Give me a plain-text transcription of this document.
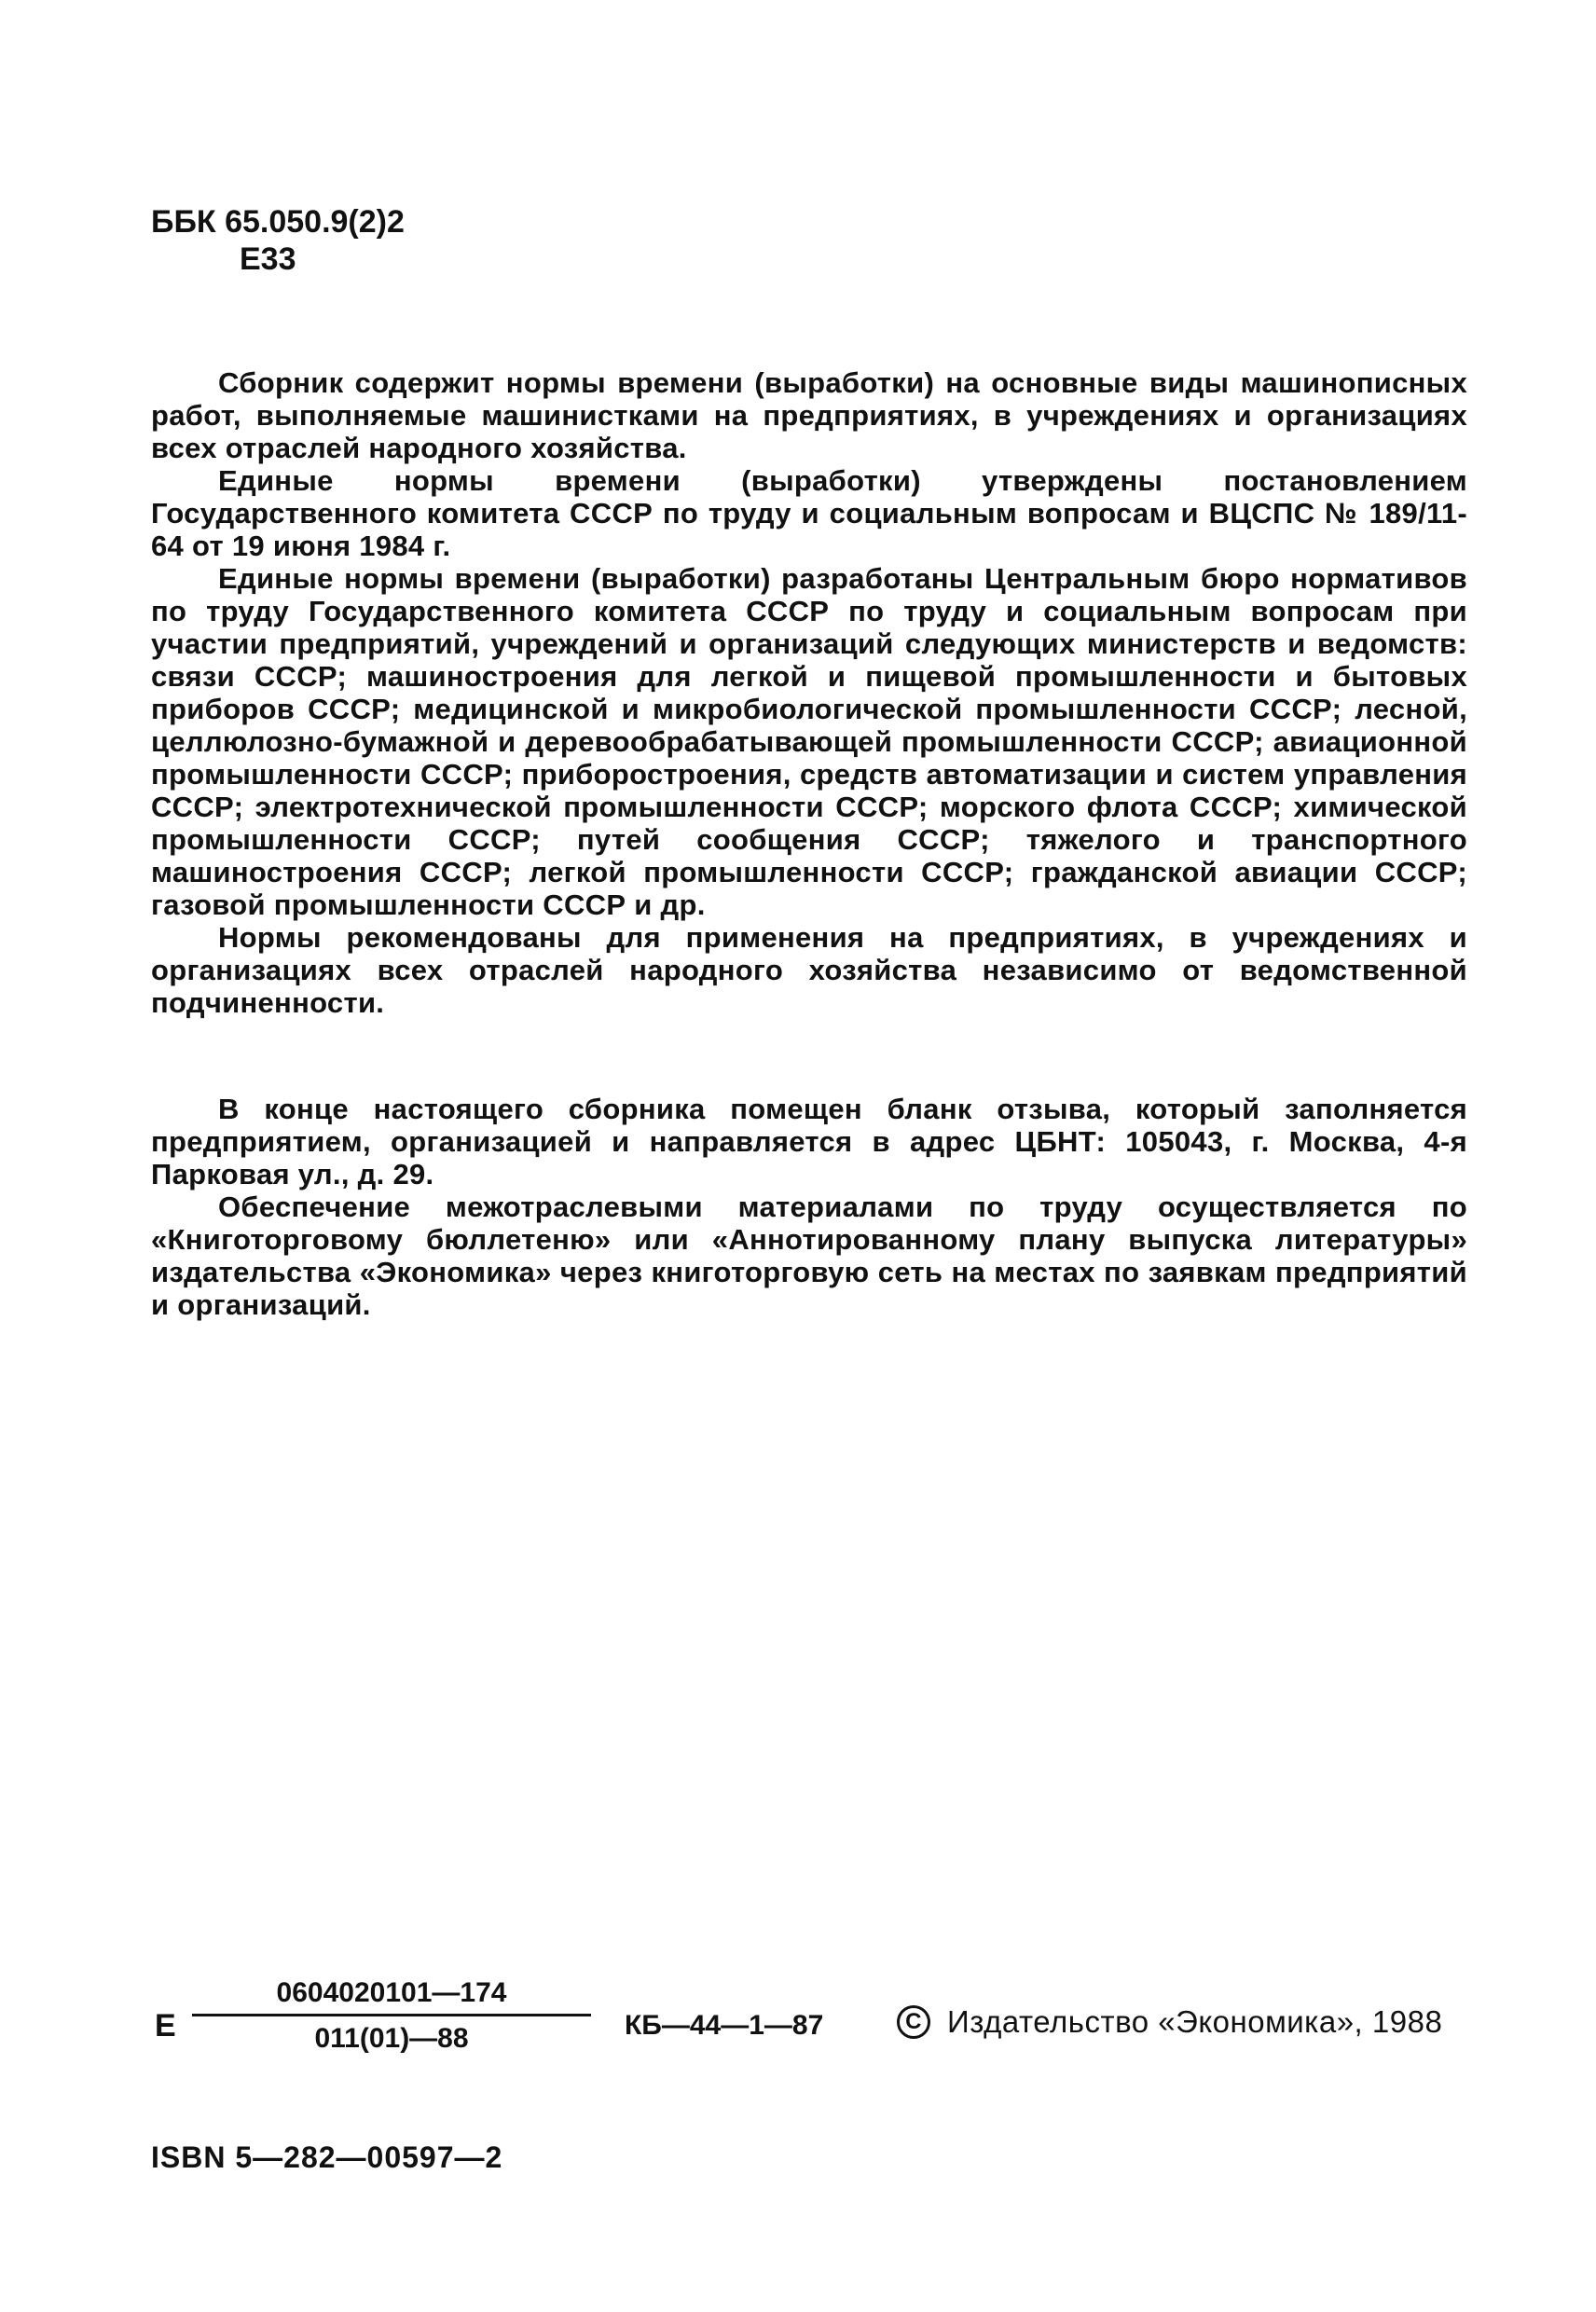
ББК 65.050.9(2)2
Е33

Сборник содержит нормы времени (выработки) на основные виды машинописных работ, выполняемые машинистками на предприятиях, в учреждениях и организациях всех отраслей народного хозяйства.

Единые нормы времени (выработки) утверждены постановлением Государственного комитета СССР по труду и социальным вопросам и ВЦСПС № 189/11-64 от 19 июня 1984 г.

Единые нормы времени (выработки) разработаны Центральным бюро нормативов по труду Государственного комитета СССР по труду и социальным вопросам при участии предприятий, учреждений и организаций следующих министерств и ведомств: связи СССР; машиностроения для легкой и пищевой промышленности и бытовых приборов СССР; медицинской и микробиологической промышленности СССР; лесной, целлюлозно-бумажной и деревообрабатывающей промышленности СССР; авиационной промышленности СССР; приборостроения, средств автоматизации и систем управления СССР; электротехнической промышленности СССР; морского флота СССР; химической промышленности СССР; путей сообщения СССР; тяжелого и транспортного машиностроения СССР; легкой промышленности СССР; гражданской авиации СССР; газовой промышленности СССР и др.

Нормы рекомендованы для применения на предприятиях, в учреждениях и организациях всех отраслей народного хозяйства независимо от ведомственной подчиненности.

В конце настоящего сборника помещен бланк отзыва, который заполняется предприятием, организацией и направляется в адрес ЦБНТ: 105043, г. Москва, 4-я Парковая ул., д. 29.

Обеспечение межотраслевыми материалами по труду осуществляется по «Книготорговому бюллетеню» или «Аннотированному плану выпуска литературы» издательства «Экономика» через книготорговую сеть на местах по заявкам предприятий и организаций.

Е
0604020101—174
011(01)—88	КБ—44—1—87	C Издательство «Экономика», 1988
ISBN 5—282—00597—2
